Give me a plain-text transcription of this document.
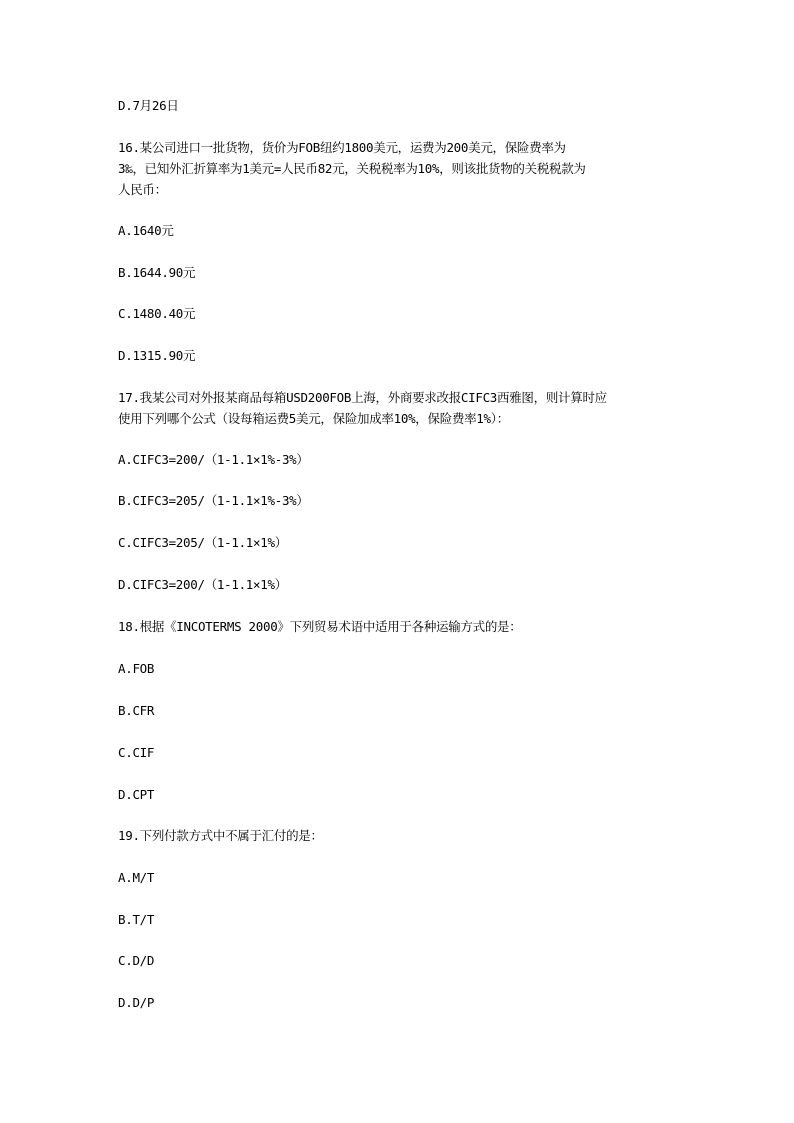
D.7月26日
16.某公司进口一批货物，货价为FOB纽约1800美元，运费为200美元，保险费率为
3‰，已知外汇折算率为1美元=人民币82元，关税税率为10%，则该批货物的关税税款为
人民币：
A.1640元
B.1644.90元
C.1480.40元
D.1315.90元
17.我某公司对外报某商品每箱USD200FOB上海，外商要求改报CIFC3西雅图，则计算时应
使用下列哪个公式（设每箱运费5美元，保险加成率10%，保险费率1%）：
A.CIFC3=200/（1-1.1×1%-3%）
B.CIFC3=205/（1-1.1×1%-3%）
C.CIFC3=205/（1-1.1×1%）
D.CIFC3=200/（1-1.1×1%）
18.根据《INCOTERMS 2000》下列贸易术语中适用于各种运输方式的是：
A.FOB
B.CFR
C.CIF
D.CPT
19.下列付款方式中不属于汇付的是：
A.M/T
B.T/T
C.D/D
D.D/P
